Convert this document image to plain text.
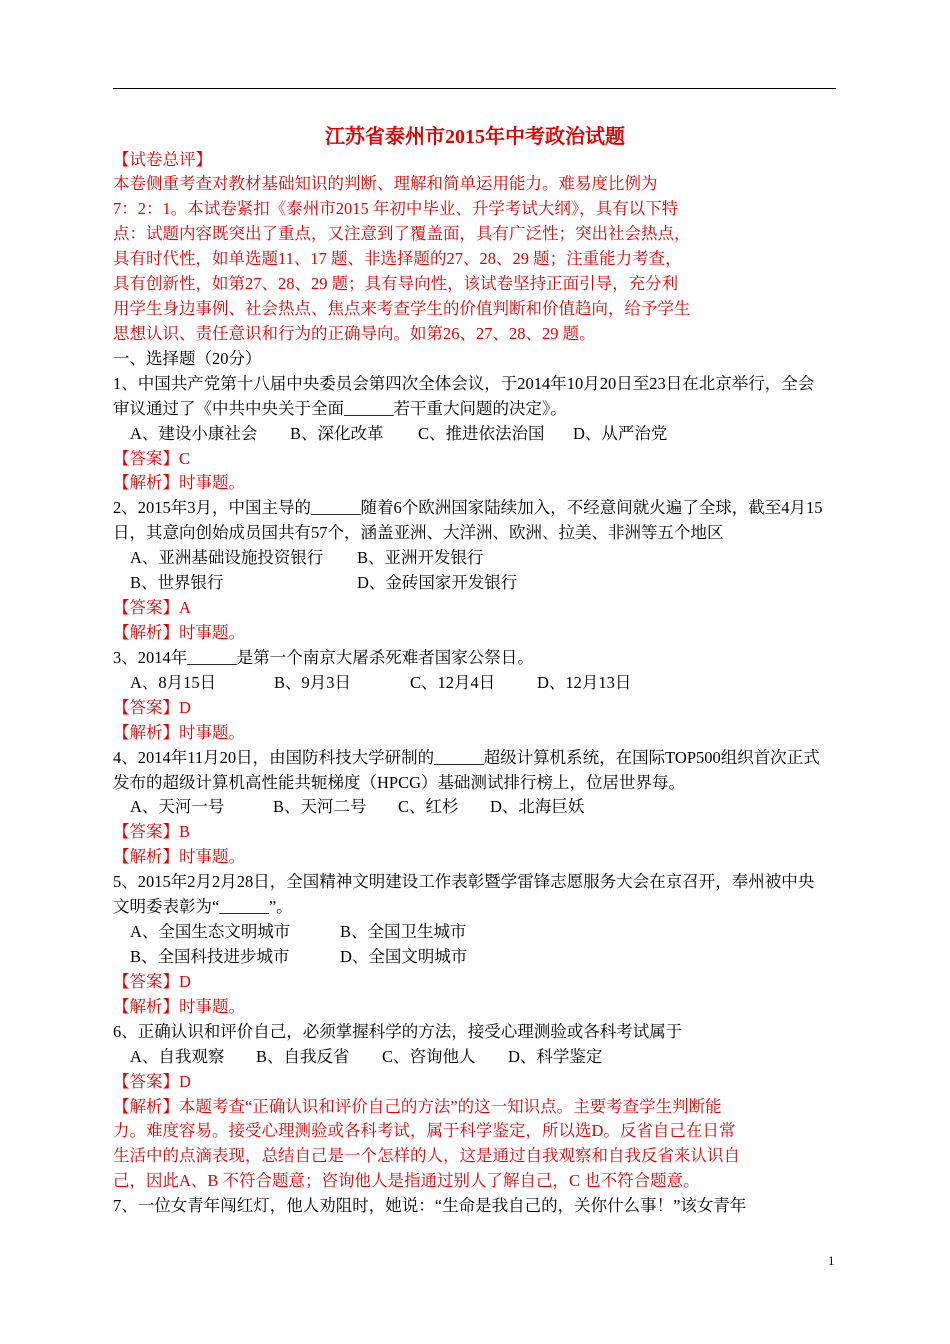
江苏省泰州市2015年中考政治试题
【试卷总评】
本卷侧重考查对教材基础知识的判断、理解和简单运用能力。难易度比例为
7：2：1。本试卷紧扣《泰州市2015 年初中毕业、升学考试大纲》，具有以下特
点：试题内容既突出了重点，又注意到了覆盖面，具有广泛性；突出社会热点，
具有时代性，如单选题11、17 题、非选择题的27、28、29 题；注重能力考查，
具有创新性，如第27、28、29 题；具有导向性，该试卷坚持正面引导，充分利
用学生身边事例、社会热点、焦点来考查学生的价值判断和价值趋向，给予学生
思想认识、责任意识和行为的正确导向。如第26、27、28、29 题。
一、选择题（20分）
1、中国共产党第十八届中央委员会第四次全体会议，于2014年10月20日至23日在北京举行，全会
审议通过了《中共中央关于全面______若干重大问题的决定》。
A、建设小康社会 B、深化改革 C、推进依法治国 D、从严治党
【答案】C
【解析】时事题。
2、2015年3月，中国主导的______随着6个欧洲国家陆续加入，不经意间就火遍了全球，截至4月15
日，其意向创始成员国共有57个，涵盖亚洲、大洋洲、欧洲、拉美、非洲等五个地区
A、亚洲基础设施投资银行 B、亚洲开发银行
B、世界银行	D、金砖国家开发银行
【答案】A
【解析】时事题。
3、2014年______是第一个南京大屠杀死难者国家公祭日。
A、8月15日	B、9月3日	C、12月4日	D、12月13日
【答案】D
【解析】时事题。
4、2014年11月20日，由国防科技大学研制的______超级计算机系统，在国际TOP500组织首次正式
发布的超级计算机高性能共轭梯度（HPCG）基础测试排行榜上，位居世界每。
A、天河一号	B、天河二号 C、红杉 D、北海巨妖
【答案】B
【解析】时事题。
5、2015年2月2月28日，全国精神文明建设工作表彰暨学雷锋志愿服务大会在京召开，奉州被中央
文明委表彰为“______”。
A、全国生态文明城市	B、全国卫生城市
B、全国科技进步城市	D、全国文明城市
【答案】D
【解析】时事题。
6、正确认识和评价自己，必须掌握科学的方法，接受心理测验或各科考试属于
A、自我观察 B、自我反省 C、咨询他人 D、科学鉴定
【答案】D
【解析】本题考查“正确认识和评价自己的方法”的这一知识点。主要考查学生判断能
力。难度容易。接受心理测验或各科考试，属于科学鉴定，所以选D。反省自己在日常
生活中的点滴表现，总结自己是一个怎样的人，这是通过自我观察和自我反省来认识自
己，因此A、B 不符合题意；咨询他人是指通过别人了解自己，C 也不符合题意。
7、一位女青年闯红灯，他人劝阻时，她说：“生命是我自己的，关你什么事！”该女青年
1
